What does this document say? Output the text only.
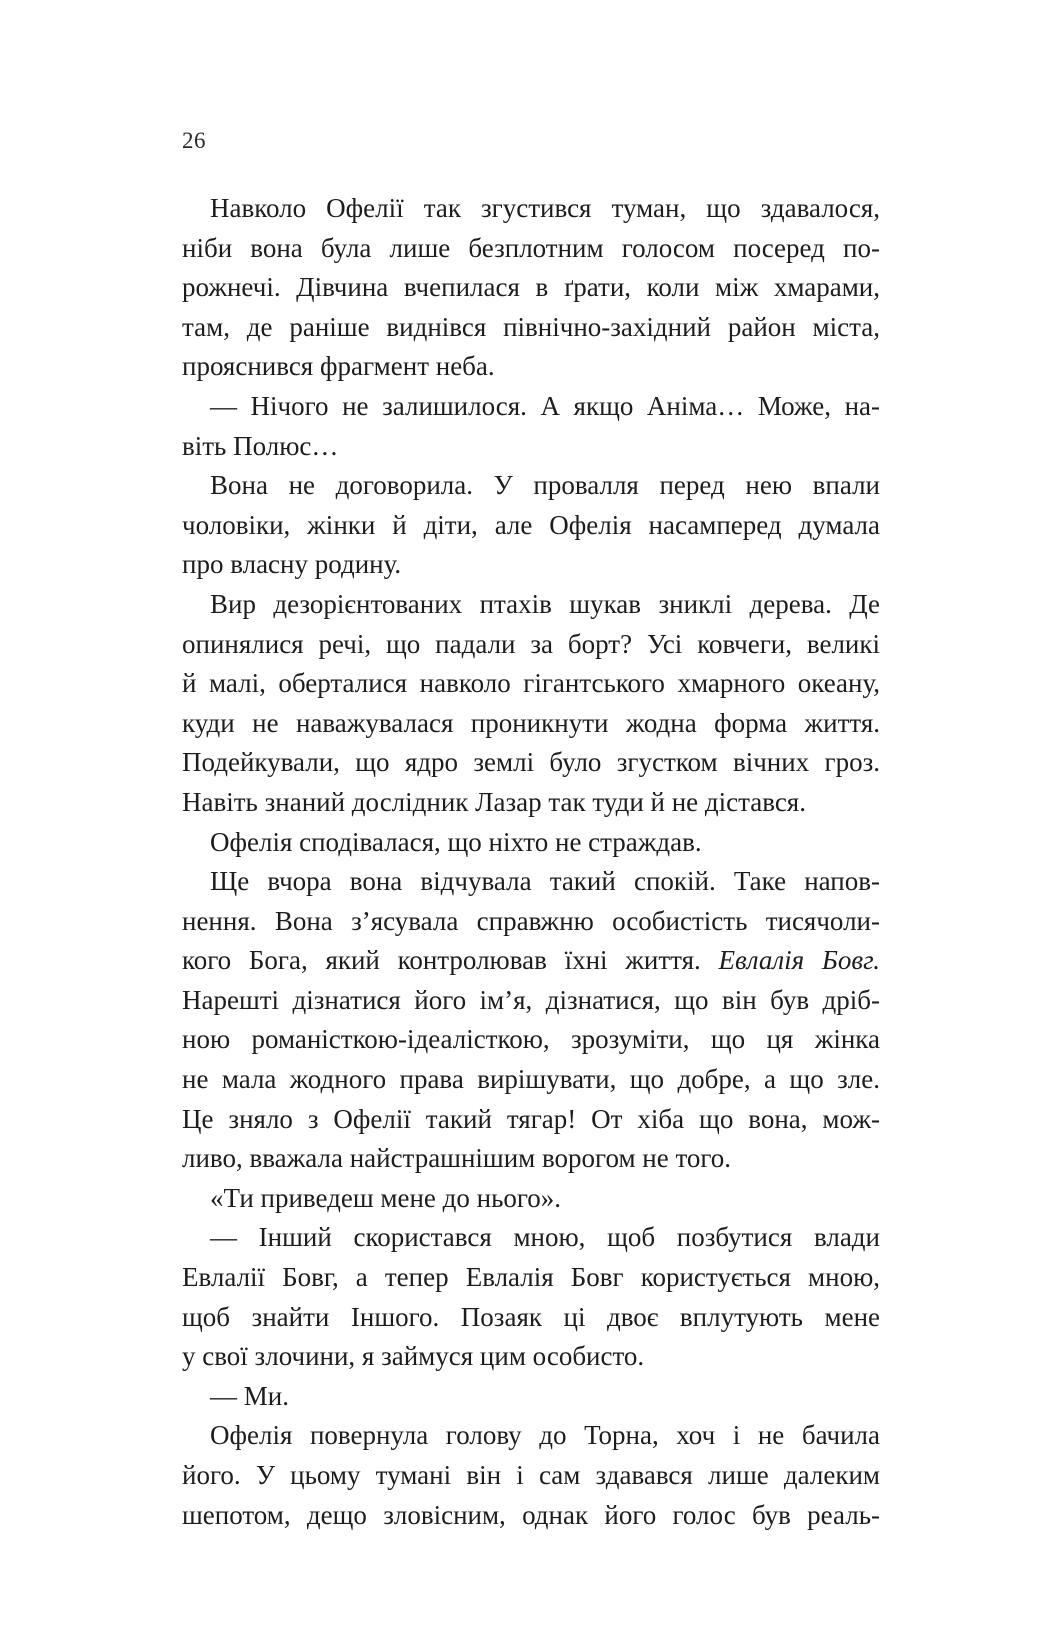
26
Навколо Офелії так згустився туман, що здавалося,
ніби вона була лише безплотним голосом посеред по-
рожнечі. Дівчина вчепилася в ґрати, коли між хмарами,
там, де раніше виднівся північно-західний район міста,
прояснився фрагмент неба.
— Нічого не залишилося. А якщо Аніма… Може, на-
віть Полюс…
Вона не договорила. У провалля перед нею впали
чоловіки, жінки й діти, але Офелія насамперед думала
про власну родину.
Вир дезорієнтованих птахів шукав зниклі дерева. Де
опинялися речі, що падали за борт? Усі ковчеги, великі
й малі, оберталися навколо гігантського хмарного океану,
куди не наважувалася проникнути жодна форма життя.
Подейкували, що ядро землі було згустком вічних гроз.
Навіть знаний дослідник Лазар так туди й не дістався.
Офелія сподівалася, що ніхто не страждав.
Ще вчора вона відчувала такий спокій. Таке напов-
нення. Вона з’ясувала справжню особистість тисячоли-
кого Бога, який контролював їхні життя. Евлалія Бовг.
Нарешті дізнатися його ім’я, дізнатися, що він був дріб-
ною романісткою-ідеалісткою, зрозуміти, що ця жінка
не мала жодного права вирішувати, що добре, а що зле.
Це зняло з Офелії такий тягар! От хіба що вона, мож-
ливо, вважала найстрашнішим ворогом не того.
«Ти приведеш мене до нього».
— Інший скористався мною, щоб позбутися влади
Евлалії Бовг, а тепер Евлалія Бовг користується мною,
щоб знайти Іншого. Позаяк ці двоє вплутують мене
у свої злочини, я займуся цим особисто.
— Ми.
Офелія повернула голову до Торна, хоч і не бачила
його. У цьому тумані він і сам здавався лише далеким
шепотом, дещо зловісним, однак його голос був реаль-
